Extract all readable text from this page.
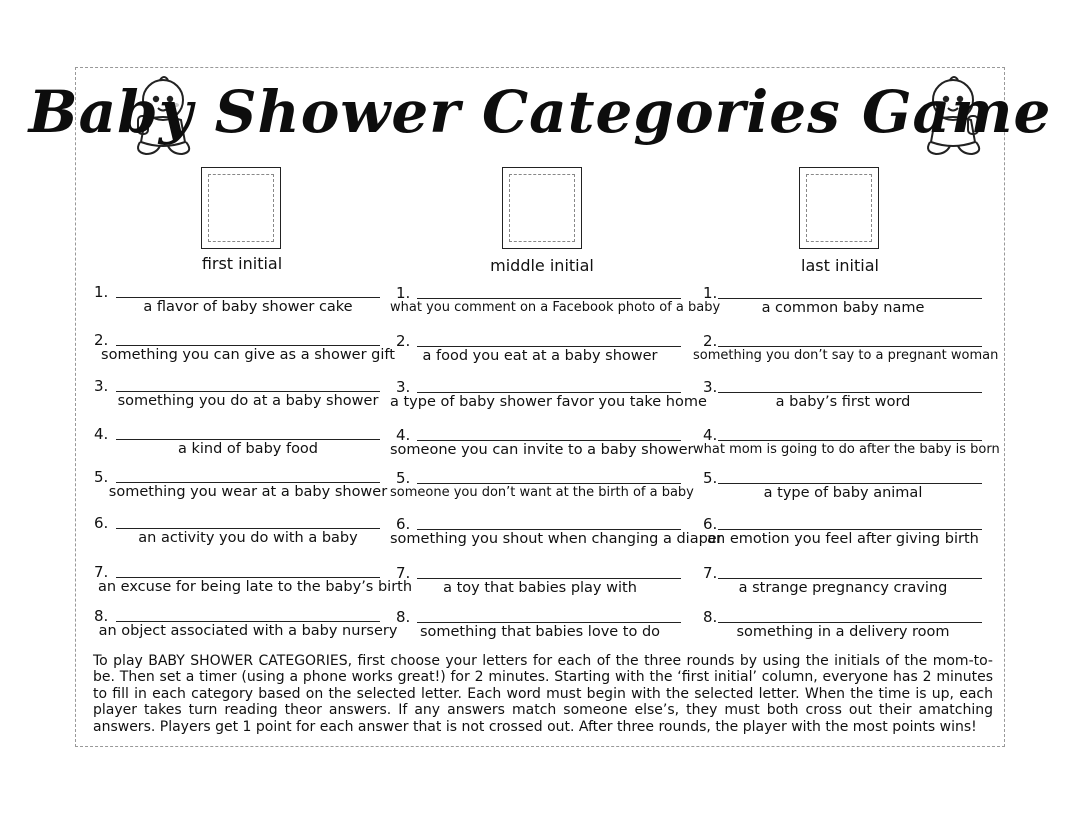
Baby Shower Categories Game
first initial	middle initial	last initial
1.
a flavor of baby shower cake
2.
something you can give as a shower gift
3.
something you do at a baby shower
4.
a kind of baby food
5.
something you wear at a baby shower
6.
an activity you do with a baby
7.
an excuse for being late to the baby’s birth
8.
an object associated with a baby nursery
1.
what you comment on a Facebook photo of a baby
2.
a food you eat at a baby shower
3.
a type of baby shower favor you take home
4.
someone you can invite to a baby shower
5.
someone you don’t want at the birth of a baby
6.
something you shout when changing a diaper
7.
a toy that babies play with
8.
something that babies love to do
1.
a common baby name
2.
something you don’t say to a pregnant woman
3.
a baby’s first word
4.
what mom is going to do after the baby is born
5.
a type of baby animal
6.
an emotion you feel after giving birth
7.
a strange pregnancy craving
8.
something in a delivery room
To play BABY SHOWER CATEGORIES, first choose your letters for each of the three rounds by using the initials of the mom-to-be. Then set a timer (using a phone works great!) for 2 minutes. Starting with the ‘first initial’ column, everyone has 2 minutes to fill in each category based on the selected letter. Each word must begin with the selected letter. When the time is up, each player takes turn reading theor answers. If any answers match someone else’s, they must both cross out their amatching answers. Players get 1 point for each answer that is not crossed out. After three rounds, the player with the most points wins!
